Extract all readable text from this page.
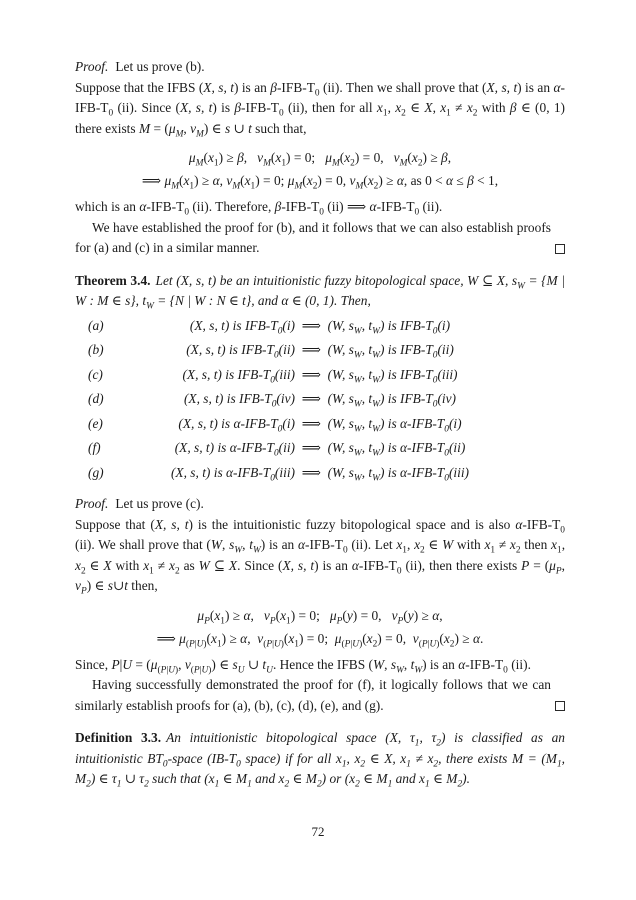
Proof. Let us prove (b).

Suppose that the IFBS (X, s, t) is an $\beta-IFB-T_0$ (ii). Then we shall prove that (X, s, t) is an $\alpha-IFB-T_0$ (ii). Since (X, s, t) is $\beta-IFB-T_0$ (ii), then for all $x_1$, $x_2$ ∈ X, $x_1 \ne x_2$ with β ∈ (0, 1) there exists $M = (\mu_M$, $\nu_M$) ∈ s ∪ t such that,

$\mu_M(x_1) \ge \beta$,   $\nu_M(x_1) = 0$;   $\mu_M(x_2) = 0$,   $\nu_M(x_2) \ge \beta$,
⟹ $\mu_M(x_1) \ge \alpha$, $\nu_M(x_1) = 0$; $\mu_M(x_2) = 0$, $\nu_M(x_2) \ge \alpha$, as 0 < α ≤ β < 1,

which is an $\alpha-IFB-T_0$ (ii). Therefore, $\beta-IFB-T_0$ (ii) ⟹ $\alpha-IFB-T_0$ (ii).

We have established the proof for (b), and it follows that we can also establish proofs for (a) and (c) in a similar manner.

Theorem 3.4. Let (X, s, t) be an intuitionistic fuzzy bitopological space, W ⊆ X, $s_W = \{M$ | W : M ∈ s}, $t_W = \{N$ | W : N ∈ t}, and α ∈ (0, 1). Then,

(a)	(X, s, t) is IFB-$T_0(i)$  ⟹  (W, $s_W$, $t_W$) is IFB-$T_0(i)$
(b)	(X, s, t) is IFB-$T_0(ii)$  ⟹  (W, $s_W$, $t_W$) is IFB-$T_0(ii)$
(c)	(X, s, t) is IFB-$T_0(iii)$  ⟹  (W, $s_W$, $t_W$) is IFB-$T_0(iii)$
(d)	(X, s, t) is IFB-$T_0(iv)$  ⟹  (W, $s_W$, $t_W$) is IFB-$T_0(iv)$
(e)	(X, s, t) is $\alpha-IFB-T_0(i)$  ⟹  (W, $s_W$, $t_W$) is $\alpha-IFB-T_0(i)$
(f)	(X, s, t) is $\alpha-IFB-T_0(ii)$  ⟹  (W, $s_W$, $t_W$) is $\alpha-IFB-T_0(ii)$
(g)	(X, s, t) is $\alpha-IFB-T_0(iii)$  ⟹  (W, $s_W$, $t_W$) is $\alpha-IFB-T_0(iii)$

Proof. Let us prove (c).

Suppose that (X, s, t) is the intuitionistic fuzzy bitopological space and is also $\alpha-IFB-T_0$ (ii). We shall prove that (W, $s_W$, $t_W$) is an $\alpha-IFB-T_0$ (ii). Let $x_1$, $x_2$ ∈ W with $x_1 \ne x_2$ then $x_1$, $x_2$ ∈ X with $x_1 \ne x_2$ as W ⊆ X. Since (X, s, t) is an $\alpha-IFB-T_0$ (ii), then there exists $P = (\mu_P$, $\nu_P$) ∈ s∪t then,

$\mu_P(x_1) \ge \alpha$,   $\nu_P(x_1) = 0$;   $\mu_P(y) = 0$,   $\nu_P(y) \ge \alpha$,
⟹ $\mu_{(P|U)}(x_1) \ge \alpha$,  $\nu_{(P|U)}(x_1) = 0$;  $\mu_{(P|U)}(x_2) = 0$,  $\nu_{(P|U)}(x_2) \ge \alpha$.

Since, $P|U = (\mu_{(P|U)}$, $\nu_{(P|U)}$) ∈ $s_U$ ∪ $t_U$. Hence the IFBS (W, $s_W$, $t_W$) is an $\alpha-IFB-T_0$ (ii).

Having successfully demonstrated the proof for (f), it logically follows that we can similarly establish proofs for (a), (b), (c), (d), (e), and (g).

Definition 3.3. An intuitionistic bitopological space (X, $\tau_1$, $\tau_2$) is classified as an intuitionistic $BT_0$-space ($IB-T_0$ space) if for all $x_1$, $x_2$ ∈ X, $x_1 \ne x_2$, there exists $M = (M_1$, $M_2$) ∈ $\tau_1$ ∪ $\tau_2$ such that ($x_1$ ∈ $M_1$ and $x_2$ ∈ $M_2$) or ($x_2$ ∈ $M_1$ and $x_1$ ∈ $M_2$).

72
